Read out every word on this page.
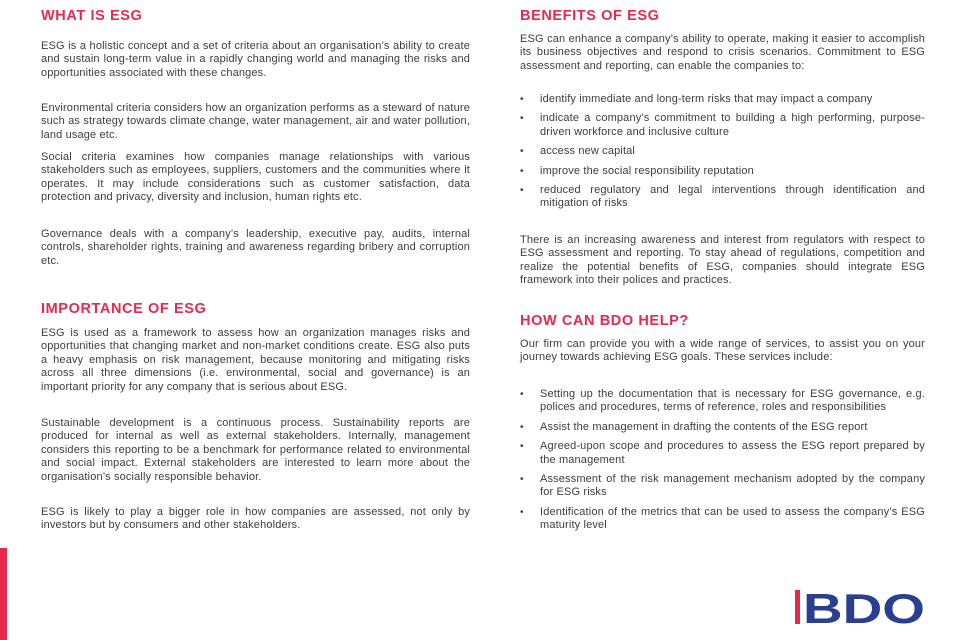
WHAT IS ESG

ESG is a holistic concept and a set of criteria about an organisation’s ability to create and sustain long-term value in a rapidly changing world and managing the risks and opportunities associated with these changes.

Environmental criteria considers how an organization performs as a steward of nature such as strategy towards climate change, water management, air and water pollution, land usage etc.

Social criteria examines how companies manage relationships with various stakeholders such as employees, suppliers, customers and the communities where it operates. It may include considerations such as customer satisfaction, data protection and privacy, diversity and inclusion, human rights etc.

Governance deals with a company’s leadership, executive pay, audits, internal controls, shareholder rights, training and awareness regarding bribery and corruption etc.

IMPORTANCE OF ESG

ESG is used as a framework to assess how an organization manages risks and opportunities that changing market and non-market conditions create. ESG also puts a heavy emphasis on risk management, because monitoring and mitigating risks across all three dimensions (i.e. environmental, social and governance) is an important priority for any company that is serious about ESG.

Sustainable development is a continuous process. Sustainability reports are produced for internal as well as external stakeholders. Internally, management considers this reporting to be a benchmark for performance related to environmental and social impact. External stakeholders are interested to learn more about the organisation’s socially responsible behavior.

ESG is likely to play a bigger role in how companies are assessed, not only by investors but by consumers and other stakeholders.

BENEFITS OF ESG

ESG can enhance a company’s ability to operate, making it easier to accomplish its business objectives and respond to crisis scenarios. Commitment to ESG assessment and reporting, can enable the companies to:

• identify immediate and long-term risks that may impact a company
• indicate a company’s commitment to building a high performing, purpose-driven workforce and inclusive culture
• access new capital
• improve the social responsibility reputation
• reduced regulatory and legal interventions through identification and mitigation of risks

There is an increasing awareness and interest from regulators with respect to ESG assessment and reporting. To stay ahead of regulations, competition and realize the potential benefits of ESG, companies should integrate ESG framework into their polices and practices.

HOW CAN BDO HELP?

Our firm can provide you with a wide range of services, to assist you on your journey towards achieving ESG goals. These services include:

• Setting up the documentation that is necessary for ESG governance, e.g. polices and procedures, terms of reference, roles and responsibilities
• Assist the management in drafting the contents of the ESG report
• Agreed-upon scope and procedures to assess the ESG report prepared by the management
• Assessment of the risk management mechanism adopted by the company for ESG risks
• Identification of the metrics that can be used to assess the company’s ESG maturity level
BDO
